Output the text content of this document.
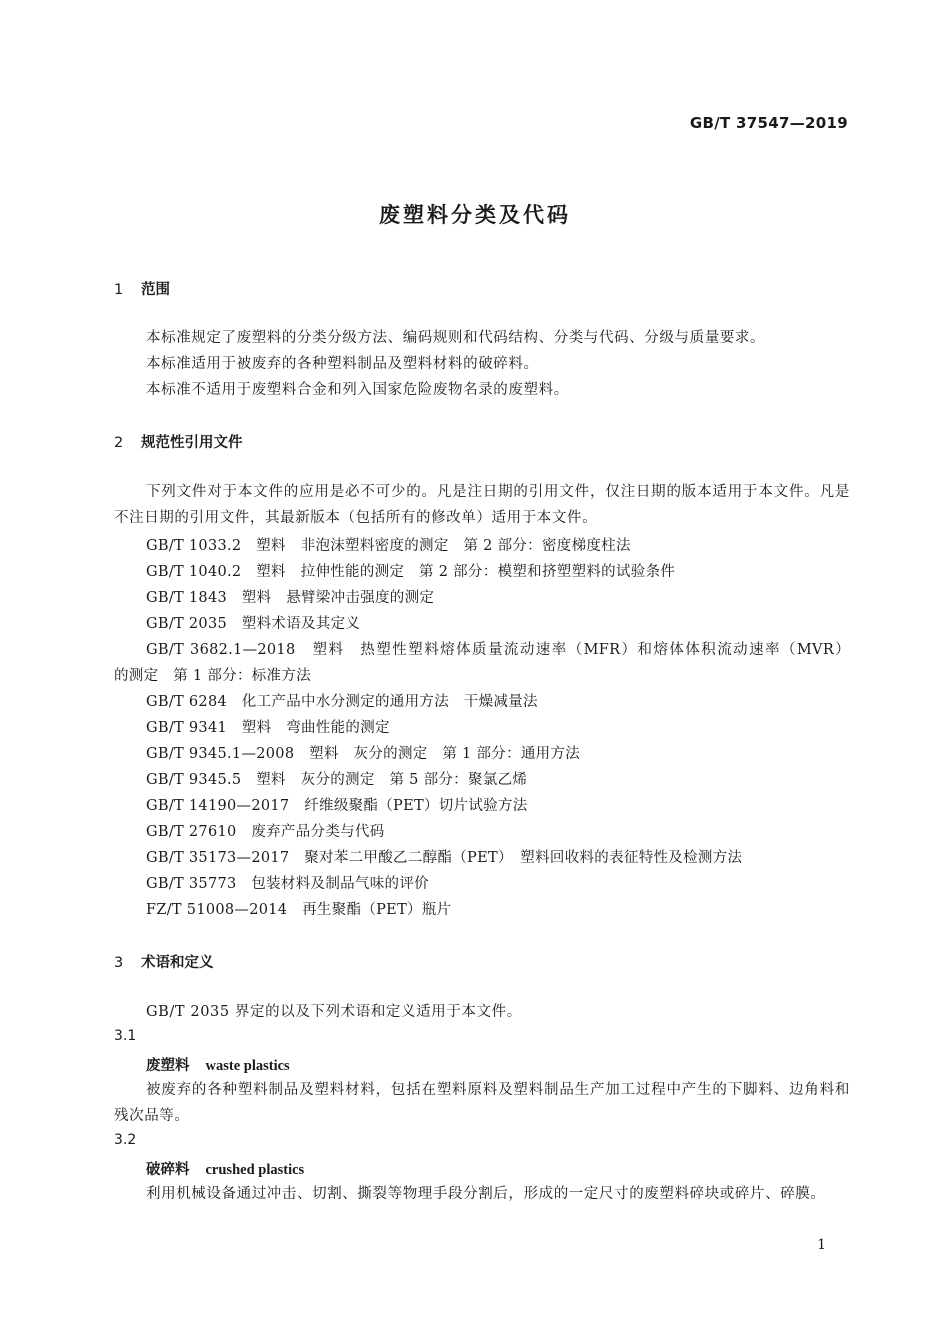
GB/T 37547—2019
废塑料分类及代码
1 范围
本标准规定了废塑料的分类分级方法、编码规则和代码结构、分类与代码、分级与质量要求。
本标准适用于被废弃的各种塑料制品及塑料材料的破碎料。
本标准不适用于废塑料合金和列入国家危险废物名录的废塑料。
2 规范性引用文件
下列文件对于本文件的应用是必不可少的。凡是注日期的引用文件，仅注日期的版本适用于本文件。凡是不注日期的引用文件，其最新版本（包括所有的修改单）适用于本文件。
GB/T 1033.2　塑料　非泡沫塑料密度的测定　第 2 部分：密度梯度柱法
GB/T 1040.2　塑料　拉伸性能的测定　第 2 部分：模塑和挤塑塑料的试验条件
GB/T 1843　塑料　悬臂梁冲击强度的测定
GB/T 2035　塑料术语及其定义
GB/T 3682.1—2018　塑料　热塑性塑料熔体质量流动速率（MFR）和熔体体积流动速率（MVR）
的测定　第 1 部分：标准方法
GB/T 6284　化工产品中水分测定的通用方法　干燥减量法
GB/T 9341　塑料　弯曲性能的测定
GB/T 9345.1—2008　塑料　灰分的测定　第 1 部分：通用方法
GB/T 9345.5　塑料　灰分的测定　第 5 部分：聚氯乙烯
GB/T 14190—2017　纤维级聚酯（PET）切片试验方法
GB/T 27610　废弃产品分类与代码
GB/T 35173—2017　聚对苯二甲酸乙二醇酯（PET）　塑料回收料的表征特性及检测方法
GB/T 35773　包装材料及制品气味的评价
FZ/T 51008—2014　再生聚酯（PET）瓶片
3 术语和定义
GB/T 2035 界定的以及下列术语和定义适用于本文件。
3.1
废塑料 waste plastics
被废弃的各种塑料制品及塑料材料，包括在塑料原料及塑料制品生产加工过程中产生的下脚料、边角料和残次品等。
3.2
破碎料 crushed plastics
利用机械设备通过冲击、切割、撕裂等物理手段分割后，形成的一定尺寸的废塑料碎块或碎片、碎膜。
1
